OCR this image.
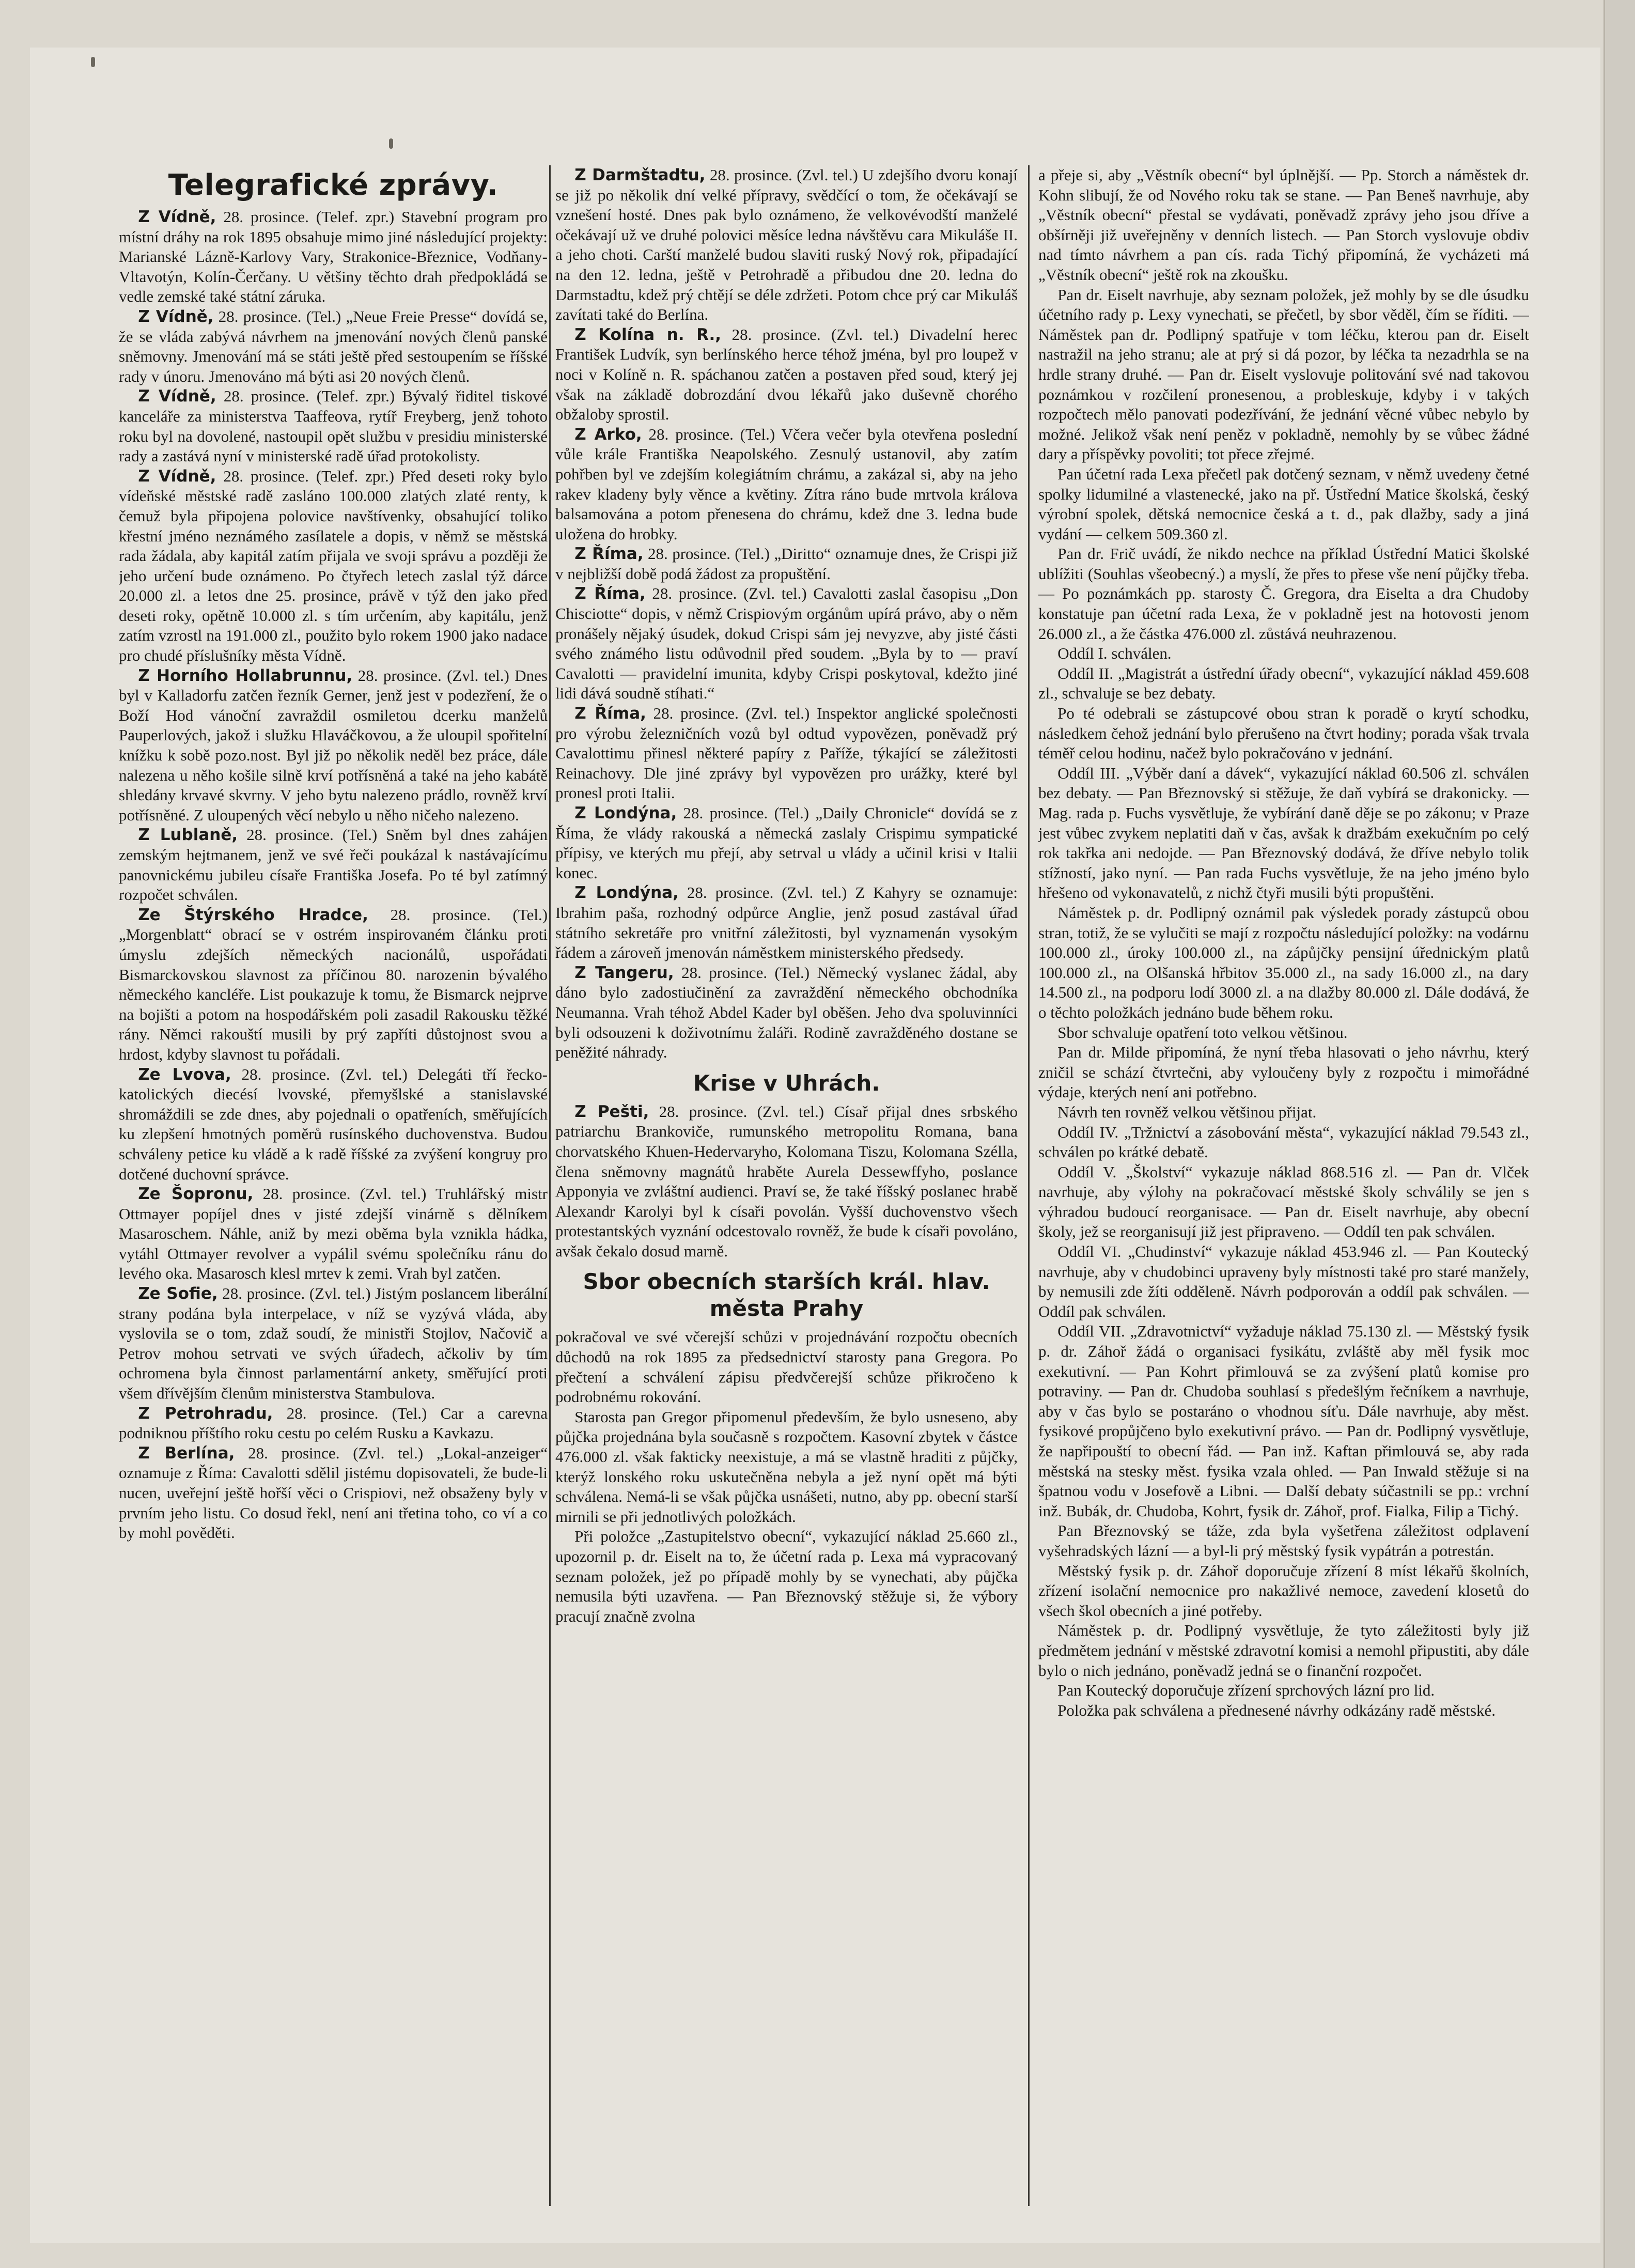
Telegrafické zprávy.

Z Vídně, 28. prosince. (Telef. zpr.) Stavební program pro místní dráhy na rok 1895 obsahuje mimo jiné následující projekty: Marianské Lázně-Karlovy Vary, Strakonice-Březnice, Vodňany-Vltavotýn, Kolín-Čerčany. U většiny těchto drah předpokládá se vedle zemské také státní záruka.

Z Vídně, 28. prosince. (Tel.) „Neue Freie Presse“ dovídá se, že se vláda zabývá návrhem na jmenování nových členů panské sněmovny. Jmenování má se státi ještě před sestoupením se říšské rady v únoru. Jmenováno má býti asi 20 nových členů.

Z Vídně, 28. prosince. (Telef. zpr.) Bývalý řiditel tiskové kanceláře za ministerstva Taaffeova, rytíř Freyberg, jenž tohoto roku byl na dovolené, nastoupil opět službu v presidiu ministerské rady a zastává nyní v ministerské radě úřad protokolisty.

Z Vídně, 28. prosince. (Telef. zpr.) Před deseti roky bylo vídeňské městské radě zasláno 100.000 zlatých zlaté renty, k čemuž byla připojena polovice navštívenky, obsahující toliko křestní jméno neznámého zasílatele a dopis, v němž se městská rada žádala, aby kapitál zatím přijala ve svoji správu a později že jeho určení bude oznámeno. Po čtyřech letech zaslal týž dárce 20.000 zl. a letos dne 25. prosince, právě v týž den jako před deseti roky, opětně 10.000 zl. s tím určením, aby kapitálu, jenž zatím vzrostl na 191.000 zl., použito bylo rokem 1900 jako nadace pro chudé příslušníky města Vídně.

Z Horního Hollabrunnu, 28. prosince. (Zvl. tel.) Dnes byl v Kalladorfu zatčen řezník Gerner, jenž jest v podezření, že o Boží Hod vánoční zavraždil osmiletou dcerku manželů Pauperlových, jakož i služku Hlaváčkovou, a že uloupil spořitelní knížku k sobě pozo.nost. Byl již po několik neděl bez práce, dále nalezena u něho košile silně krví potřísněná a také na jeho kabátě shledány krvavé skvrny. V jeho bytu nalezeno prádlo, rovněž krví potřísněné. Z uloupených věcí nebylo u něho ničeho nalezeno.

Z Lublaně, 28. prosince. (Tel.) Sněm byl dnes zahájen zemským hejtmanem, jenž ve své řeči poukázal k nastávajícímu panovnickému jubileu císaře Františka Josefa. Po té byl zatímný rozpočet schválen.

Ze Štýrského Hradce, 28. prosince. (Tel.) „Morgenblatt“ obrací se v ostrém inspirovaném článku proti úmyslu zdejších německých nacionálů, uspořádati Bismarckovskou slavnost za příčinou 80. narozenin bývalého německého kancléře. List poukazuje k tomu, že Bismarck nejprve na bojišti a potom na hospodářském poli zasadil Rakousku těžké rány. Němci rakouští musili by prý zapříti důstojnost svou a hrdost, kdyby slavnost tu pořádali.

Ze Lvova, 28. prosince. (Zvl. tel.) Delegáti tří řecko-katolických diecésí lvovské, přemyšlské a stanislavské shromáždili se zde dnes, aby pojednali o opatřeních, směřujících ku zlepšení hmotných poměrů rusínského duchovenstva. Budou schváleny petice ku vládě a k radě říšské za zvýšení kongruy pro dotčené duchovní správce.

Ze Šopronu, 28. prosince. (Zvl. tel.) Truhlářský mistr Ottmayer popíjel dnes v jisté zdejší vinárně s dělníkem Masaroschem. Náhle, aniž by mezi oběma byla vznikla hádka, vytáhl Ottmayer revolver a vypálil svému společníku ránu do levého oka. Masarosch klesl mrtev k zemi. Vrah byl zatčen.

Ze Sofie, 28. prosince. (Zvl. tel.) Jistým poslancem liberální strany podána byla interpelace, v níž se vyzývá vláda, aby vyslovila se o tom, zdaž soudí, že ministři Stojlov, Načovič a Petrov mohou setrvati ve svých úřadech, ačkoliv by tím ochromena byla činnost parlamentární ankety, směřující proti všem dřívějším členům ministerstva Stambulova.

Z Petrohradu, 28. prosince. (Tel.) Car a carevna podniknou příštího roku cestu po celém Rusku a Kavkazu.

Z Berlína, 28. prosince. (Zvl. tel.) „Lokal-anzeiger“ oznamuje z Říma: Cavalotti sdělil jistému dopisovateli, že bude-li nucen, uveřejní ještě hořší věci o Crispiovi, než obsaženy byly v prvním jeho listu. Co dosud řekl, není ani třetina toho, co ví a co by mohl pověděti.

Z Darmštadtu, 28. prosince. (Zvl. tel.) U zdejšího dvoru konají se již po několik dní velké přípravy, svědčící o tom, že očekávají se vznešení hosté. Dnes pak bylo oznámeno, že velkovévodští manželé očekávají už ve druhé polovici měsíce ledna návštěvu cara Mikuláše II. a jeho choti. Carští manželé budou slaviti ruský Nový rok, připadající na den 12. ledna, ještě v Petrohradě a přibudou dne 20. ledna do Darmstadtu, kdež prý chtějí se déle zdržeti. Potom chce prý car Mikuláš zavítati také do Berlína.

Z Kolína n. R., 28. prosince. (Zvl. tel.) Divadelní herec František Ludvík, syn berlínského herce téhož jména, byl pro loupež v noci v Kolíně n. R. spáchanou zatčen a postaven před soud, který jej však na základě dobrozdání dvou lékařů jako duševně chorého obžaloby sprostil.

Z Arko, 28. prosince. (Tel.) Včera večer byla otevřena poslední vůle krále Františka Neapolského. Zesnulý ustanovil, aby zatím pohřben byl ve zdejším kolegiátním chrámu, a zakázal si, aby na jeho rakev kladeny byly věnce a květiny. Zítra ráno bude mrtvola králova balsamována a potom přenesena do chrámu, kdež dne 3. ledna bude uložena do hrobky.

Z Říma, 28. prosince. (Tel.) „Diritto“ oznamuje dnes, že Crispi již v nejbližší době podá žádost za propuštění.

Z Říma, 28. prosince. (Zvl. tel.) Cavalotti zaslal časopisu „Don Chisciotte“ dopis, v němž Crispiovým orgánům upírá právo, aby o něm pronášely nějaký úsudek, dokud Crispi sám jej nevyzve, aby jisté části svého známého listu odůvodnil před soudem. „Byla by to — praví Cavalotti — pravidelní imunita, kdyby Crispi poskytoval, kdežto jiné lidi dává soudně stíhati.“

Z Říma, 28. prosince. (Zvl. tel.) Inspektor anglické společnosti pro výrobu železničních vozů byl odtud vypovězen, poněvadž prý Cavalottimu přinesl některé papíry z Paříže, týkající se záležitosti Reinachovy. Dle jiné zprávy byl vypovězen pro urážky, které byl pronesl proti Italii.

Z Londýna, 28. prosince. (Tel.) „Daily Chronicle“ dovídá se z Říma, že vlády rakouská a německá zaslaly Crispimu sympatické přípisy, ve kterých mu přejí, aby setrval u vlády a učinil krisi v Italii konec.

Z Londýna, 28. prosince. (Zvl. tel.) Z Kahyry se oznamuje: Ibrahim paša, rozhodný odpůrce Anglie, jenž posud zastával úřad státního sekretáře pro vnitřní záležitosti, byl vyznamenán vysokým řádem a zároveň jmenován náměstkem ministerského předsedy.

Z Tangeru, 28. prosince. (Tel.) Německý vyslanec žádal, aby dáno bylo zadostiučinění za zavraždění německého obchodníka Neumanna. Vrah téhož Abdel Kader byl oběšen. Jeho dva spoluvinníci byli odsouzeni k doživotnímu žaláři. Rodině zavražděného dostane se peněžité náhrady.

Krise v Uhrách.

Z Pešti, 28. prosince. (Zvl. tel.) Císař přijal dnes srbského patriarchu Brankoviče, rumunského metropolitu Romana, bana chorvatského Khuen-Hedervaryho, Kolomana Tiszu, Kolomana Szélla, člena sněmovny magnátů hraběte Aurela Dessewffyho, poslance Apponyia ve zvláštní audienci. Praví se, že také říšský poslanec hrabě Alexandr Karolyi byl k císaři povolán. Vyšší duchovenstvo všech protestantských vyznání odcestovalo rovněž, že bude k císaři povoláno, avšak čekalo dosud marně.

Sbor obecních starších král. hlav. města Prahy

pokračoval ve své včerejší schůzi v projednávání rozpočtu obecních důchodů na rok 1895 za předsednictví starosty pana Gregora. Po přečtení a schválení zápisu předvčerejší schůze přikročeno k podrobnému rokování.

Starosta pan Gregor připomenul především, že bylo usneseno, aby půjčka projednána byla současně s rozpočtem. Kasovní zbytek v částce 476.000 zl. však fakticky neexistuje, a má se vlastně hraditi z půjčky, kterýž lonského roku uskutečněna nebyla a jež nyní opět má býti schválena. Nemá-li se však půjčka usnášeti, nutno, aby pp. obecní starší mirnili se při jednotlivých položkách.

Při položce „Zastupitelstvo obecní“, vykazující náklad 25.660 zl., upozornil p. dr. Eiselt na to, že účetní rada p. Lexa má vypracovaný seznam položek, jež po případě mohly by se vynechati, aby půjčka nemusila býti uzavřena. — Pan Březnovský stěžuje si, že výbory pracují značně zvolna

a přeje si, aby „Věstník obecní“ byl úplnější. — Pp. Storch a náměstek dr. Kohn slibují, že od Nového roku tak se stane. — Pan Beneš navrhuje, aby „Věstník obecní“ přestal se vydávati, poněvadž zprávy jeho jsou dříve a obšírněji již uveřejněny v denních listech. — Pan Storch vyslovuje obdiv nad tímto návrhem a pan cís. rada Tichý připomíná, že vycházeti má „Věstník obecní“ ještě rok na zkoušku.

Pan dr. Eiselt navrhuje, aby seznam položek, jež mohly by se dle úsudku účetního rady p. Lexy vynechati, se přečetl, by sbor věděl, čím se říditi. — Náměstek pan dr. Podlipný spatřuje v tom léčku, kterou pan dr. Eiselt nastražil na jeho stranu; ale at prý si dá pozor, by léčka ta nezadrhla se na hrdle strany druhé. — Pan dr. Eiselt vyslovuje politování své nad takovou poznámkou v rozčilení pronesenou, a probleskuje, kdyby i v takých rozpočtech mělo panovati podezřívání, že jednání věcné vůbec nebylo by možné. Jelikož však není peněz v pokladně, nemohly by se vůbec žádné dary a příspěvky povoliti; tot přece zřejmé.

Pan účetní rada Lexa přečetl pak dotčený seznam, v němž uvedeny četné spolky lidumilné a vlastenecké, jako na př. Ústřední Matice školská, český výrobní spolek, dětská nemocnice česká a t. d., pak dlažby, sady a jiná vydání — celkem 509.360 zl.

Pan dr. Frič uvádí, že nikdo nechce na příklad Ústřední Matici školské ublížiti (Souhlas všeobecný.) a myslí, že přes to přese vše není půjčky třeba. — Po poznámkách pp. starosty Č. Gregora, dra Eiselta a dra Chudoby konstatuje pan účetní rada Lexa, že v pokladně jest na hotovosti jenom 26.000 zl., a že částka 476.000 zl. zůstává neuhrazenou.

Oddíl I. schválen.

Oddíl II. „Magistrát a ústřední úřady obecní“, vykazující náklad 459.608 zl., schvaluje se bez debaty.

Po té odebrali se zástupcové obou stran k poradě o krytí schodku, následkem čehož jednání bylo přerušeno na čtvrt hodiny; porada však trvala téměř celou hodinu, načež bylo pokračováno v jednání.

Oddíl III. „Výběr daní a dávek“, vykazující náklad 60.506 zl. schválen bez debaty. — Pan Březnovský si stěžuje, že daň vybírá se drakonicky. — Mag. rada p. Fuchs vysvětluje, že vybírání daně děje se po zákonu; v Praze jest vůbec zvykem neplatiti daň v čas, avšak k dražbám exekučním po celý rok takřka ani nedojde. — Pan Březnovský dodává, že dříve nebylo tolik stížností, jako nyní. — Pan rada Fuchs vysvětluje, že na jeho jméno bylo hřešeno od vykonavatelů, z nichž čtyři musili býti propuštěni.

Náměstek p. dr. Podlipný oznámil pak výsledek porady zástupců obou stran, totiž, že se vylučiti se mají z rozpočtu následující položky: na vodárnu 100.000 zl., úroky 100.000 zl., na zápůjčky pensijní úřednickým platů 100.000 zl., na Olšanská hřbitov 35.000 zl., na sady 16.000 zl., na dary 14.500 zl., na podporu lodí 3000 zl. a na dlažby 80.000 zl. Dále dodává, že o těchto položkách jednáno bude během roku.

Sbor schvaluje opatření toto velkou většinou.

Pan dr. Milde připomíná, že nyní třeba hlasovati o jeho návrhu, který zničil se schází čtvrtečni, aby vyloučeny byly z rozpočtu i mimořádné výdaje, kterých není ani potřebno.

Návrh ten rovněž velkou většinou přijat.

Oddíl IV. „Tržnictví a zásobování města“, vykazující náklad 79.543 zl., schválen po krátké debatě.

Oddíl V. „Školství“ vykazuje náklad 868.516 zl. — Pan dr. Vlček navrhuje, aby výlohy na pokračovací městské školy schválily se jen s výhradou budoucí reorganisace. — Pan dr. Eiselt navrhuje, aby obecní školy, jež se reorganisují již jest připraveno. — Oddíl ten pak schválen.

Oddíl VI. „Chudinství“ vykazuje náklad 453.946 zl. — Pan Koutecký navrhuje, aby v chudobinci upraveny byly místnosti také pro staré manžely, by nemusili zde žíti odděleně. Návrh podporován a oddíl pak schválen. — Oddíl pak schválen.

Oddíl VII. „Zdravotnictví“ vyžaduje náklad 75.130 zl. — Městský fysik p. dr. Záhoř žádá o organisaci fysikátu, zvláště aby měl fysik moc exekutivní. — Pan Kohrt přimlouvá se za zvýšení platů komise pro potraviny. — Pan dr. Chudoba souhlasí s předešlým řečníkem a navrhuje, aby v čas bylo se postaráno o vhodnou síťu. Dále navrhuje, aby měst. fysikové propůjčeno bylo exekutivní právo. — Pan dr. Podlipný vysvětluje, že napřipouští to obecní řád. — Pan inž. Kaftan přimlouvá se, aby rada městská na stesky měst. fysika vzala ohled. — Pan Inwald stěžuje si na špatnou vodu v Josefově a Libni. — Další debaty súčastnili se pp.: vrchní inž. Bubák, dr. Chudoba, Kohrt, fysik dr. Záhoř, prof. Fialka, Filip a Tichý.

Pan Březnovský se táže, zda byla vyšetřena záležitost odplavení vyšehradských lázní — a byl-li prý městský fysik vypátrán a potrestán.

Městský fysik p. dr. Záhoř doporučuje zřízení 8 míst lékařů školních, zřízení isolační nemocnice pro nakažlivé nemoce, zavedení klosetů do všech škol obecních a jiné potřeby.

Náměstek p. dr. Podlipný vysvětluje, že tyto záležitosti byly již předmětem jednání v městské zdravotní komisi a nemohl připustiti, aby dále bylo o nich jednáno, poněvadž jedná se o finanční rozpočet.

Pan Koutecký doporučuje zřízení sprchových lázní pro lid.

Položka pak schválena a přednesené návrhy odkázány radě městské.
